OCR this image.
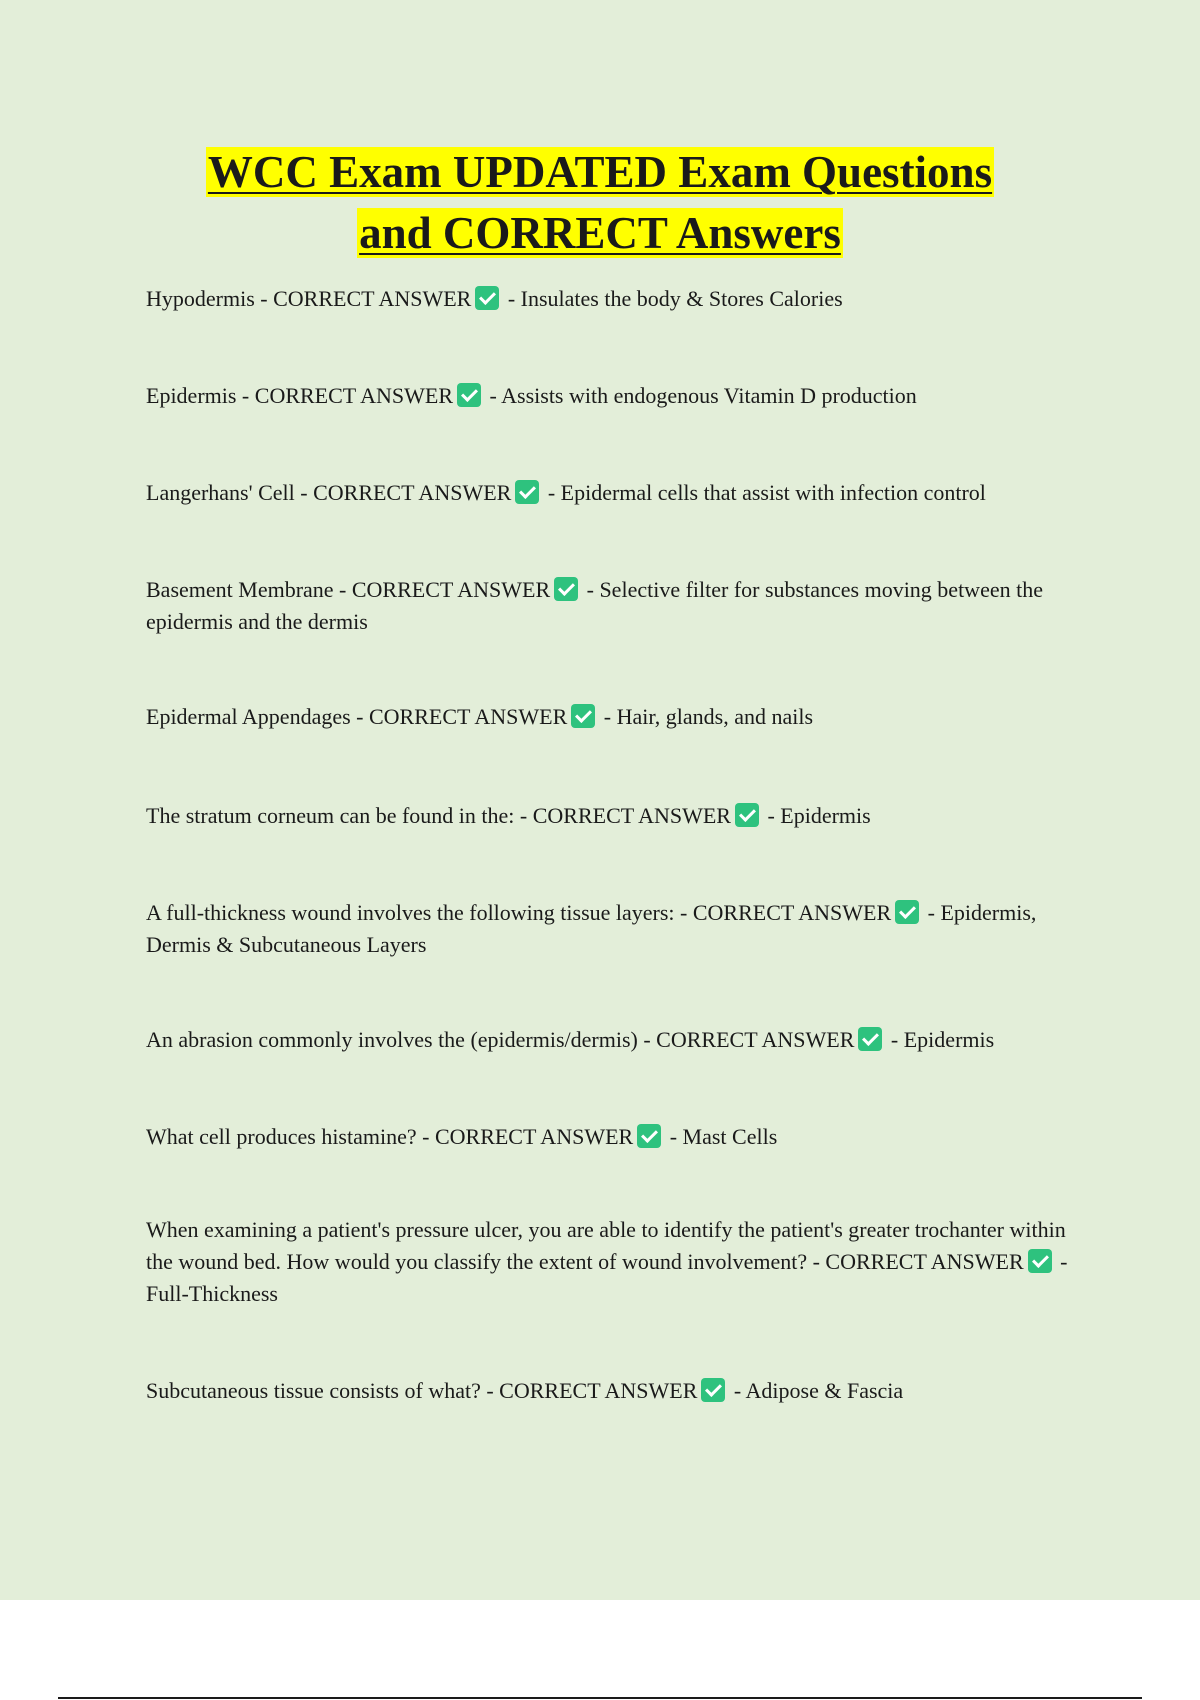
WCC Exam UPDATED Exam Questions
and CORRECT Answers

Hypodermis - CORRECT ANSWER - Insulates the body & Stores Calories

Epidermis - CORRECT ANSWER - Assists with endogenous Vitamin D production

Langerhans' Cell - CORRECT ANSWER - Epidermal cells that assist with infection control

Basement Membrane - CORRECT ANSWER - Selective filter for substances moving between the epidermis and the dermis

Epidermal Appendages - CORRECT ANSWER - Hair, glands, and nails

The stratum corneum can be found in the: - CORRECT ANSWER - Epidermis

A full-thickness wound involves the following tissue layers: - CORRECT ANSWER - Epidermis, Dermis & Subcutaneous Layers

An abrasion commonly involves the (epidermis/dermis) - CORRECT ANSWER - Epidermis

What cell produces histamine? - CORRECT ANSWER - Mast Cells

When examining a patient's pressure ulcer, you are able to identify the patient's greater trochanter within the wound bed. How would you classify the extent of wound involvement? - CORRECT ANSWER - Full-Thickness

Subcutaneous tissue consists of what? - CORRECT ANSWER - Adipose & Fascia
